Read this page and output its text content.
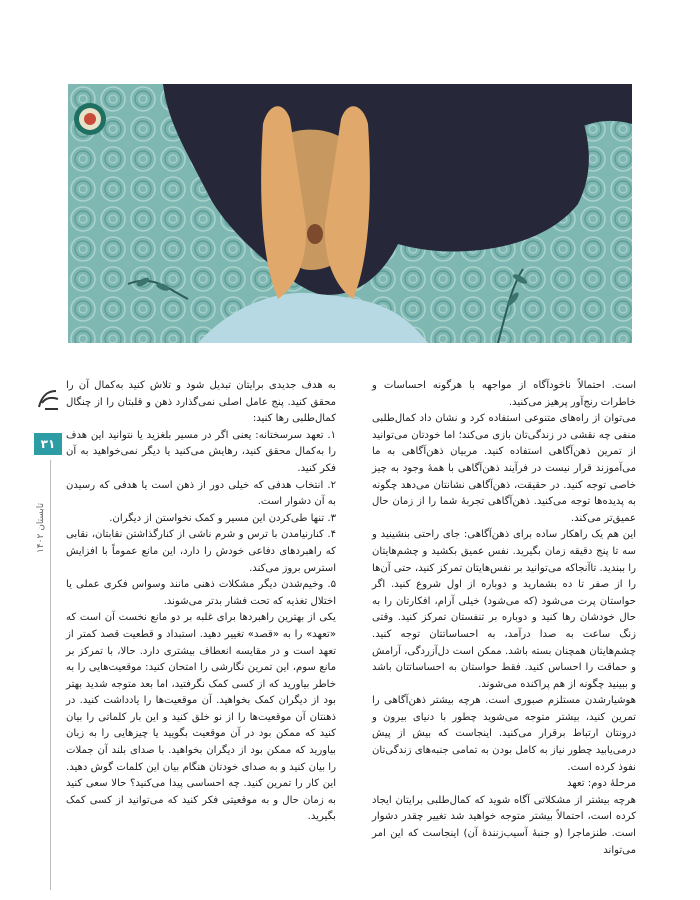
۳۱
تابستان ۱۴۰۲

است. احتمالاً ناخودآگاه از مواجهه با هرگونه احساسات و خاطرات رنج‌آور پرهیز می‌کنید.

می‌توان از راه‌های متنوعی استفاده کرد و نشان داد کمال‌طلبی منفی چه نقشی در زندگی‌تان بازی می‌کند؛ اما خودتان می‌توانید از تمرین ذهن‌آگاهی استفاده کنید. مربیان ذهن‌آگاهی به ما می‌آموزند قرار نیست در فرآیند ذهن‌آگاهی با همهٔ وجود به چیز خاصی توجه کنید. در حقیقت، ذهن‌آگاهی نشانتان می‌دهد چگونه به پدیده‌ها توجه می‌کنید. ذهن‌آگاهی تجربهٔ شما را از زمان حال عمیق‌تر می‌کند.

این هم یک راهکار ساده برای ذهن‌آگاهی: جای راحتی بنشینید و سه تا پنج دقیقه زمان بگیرید. نفس عمیق بکشید و چشم‌هایتان را ببندید. تاآنجاکه می‌توانید بر نفس‌هایتان تمرکز کنید، حتی آن‌ها را از صفر تا ده بشمارید و دوباره از اول شروع کنید. اگر حواستان پرت می‌شود (که می‌شود) خیلی آرام، افکارتان را به حال خودشان رها کنید و دوباره بر تنفستان تمرکز کنید. وقتی زنگ ساعت به صدا درآمد، به احساساتتان توجه کنید. چشم‌هایتان همچنان بسته باشد. ممکن است دل‌آزردگی، آرامش و حماقت را احساس کنید. فقط حواستان به احساساتتان باشد و ببینید چگونه از هم پراکنده می‌شوند.

هوشیارشدن مستلزم صبوری است. هرچه بیشتر ذهن‌آگاهی را تمرین کنید، بیشتر متوجه می‌شوید چطور با دنیای بیرون و درونتان ارتباط برقرار می‌کنید. اینجاست که بیش از پیش درمی‌یابید چطور نیاز به کامل بودن به تمامی جنبه‌های زندگی‌تان نفوذ کرده است.

مرحلهٔ دوم: تعهد

هرچه بیشتر از مشکلاتی آگاه شوید که کمال‌طلبی برایتان ایجاد کرده است، احتمالاً بیشتر متوجه خواهید شد تغییر چقدر دشوار است. طنزماجرا (و جنبهٔ آسیب‌زنندهٔ آن) اینجاست که این امر می‌تواند

به هدف جدیدی برایتان تبدیل شود و تلاش کنید به‌کمال آن را محقق کنید. پنج عامل اصلی نمی‌گذارد ذهن و قلبتان را از چنگال کمال‌طلبی رها کنید:

۱. تعهد سرسختانه: یعنی اگر در مسیر بلغزید یا نتوانید این هدف را به‌کمال محقق کنید، رهایش می‌کنید یا دیگر نمی‌خواهید به آن فکر کنید.

۲. انتخاب هدفی که خیلی دور از ذهن است یا هدفی که رسیدن به آن دشوار است.

۳. تنها طی‌کردن این مسیر و کمک نخواستن از دیگران.

۴. کنارنیامدن با ترس و شرم ناشی از کنارگذاشتن نقابتان، نقابی که راهبردهای دفاعی خودش را دارد، این مانع عموماً با افزایش استرس بروز می‌کند.

۵. وخیم‌شدن دیگر مشکلات ذهنی مانند وسواس فکری عملی یا اختلال تغذیه که تحت فشار بدتر می‌شوند.

یکی از بهترین راهبردها برای غلبه بر دو مانع نخست آن است که «تعهد» را به «قصد» تغییر دهید. استبداد و قطعیت قصد کمتر از تعهد است و در مقایسه انعطاف بیشتری دارد. حالا، با تمرکز بر مانع سوم، این تمرین نگارشی را امتحان کنید: موقعیت‌هایی را به خاطر بیاورید که از کسی کمک نگرفتید، اما بعد متوجه شدید بهتر بود از دیگران کمک بخواهید. آن موقعیت‌ها را یادداشت کنید. در ذهنتان آن موقعیت‌ها را از نو خلق کنید و این بار کلماتی را بیان کنید که ممکن بود در آن موقعیت بگویید یا چیزهایی را به زبان بیاورید که ممکن بود از دیگران بخواهید. با صدای بلند آن جملات را بیان کنید و به صدای خودتان هنگام بیان این کلمات گوش دهید. این کار را تمرین کنید. چه احساسی پیدا می‌کنید؟ حالا سعی کنید به زمان حال و به موقعیتی فکر کنید که می‌توانید از کسی کمک بگیرید.
